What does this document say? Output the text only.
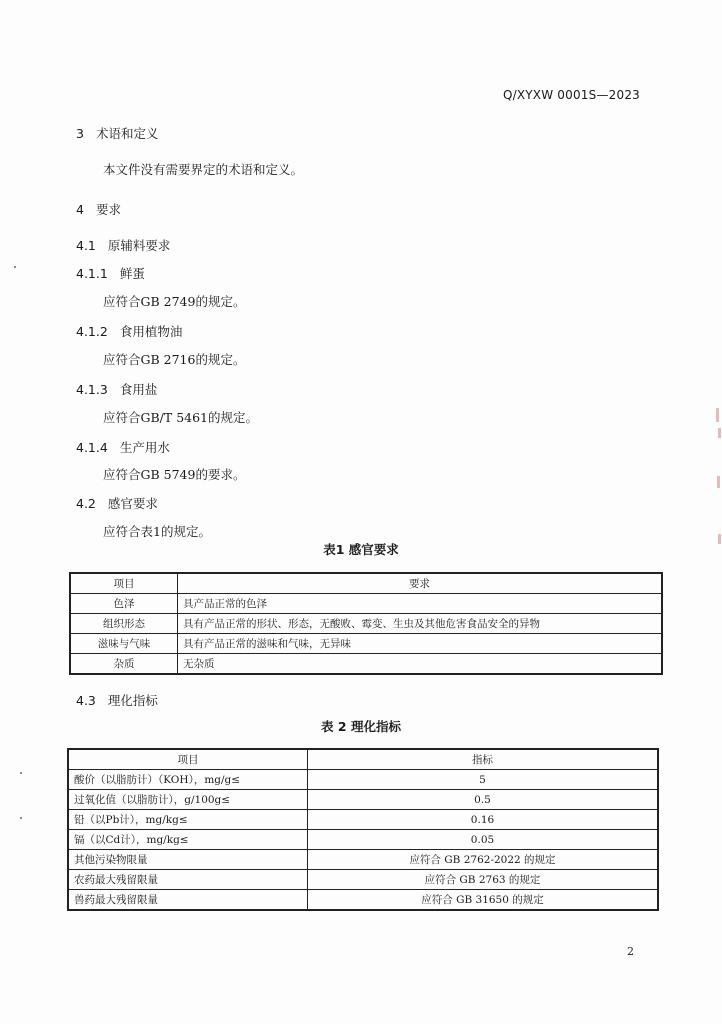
Q/XYXW 0001S—2023
3 术语和定义
本文件没有需要界定的术语和定义。
4 要求
4.1 原辅料要求
4.1.1 鲜蛋
应符合GB 2749的规定。
4.1.2 食用植物油
应符合GB 2716的规定。
4.1.3 食用盐
应符合GB/T 5461的规定。
4.1.4 生产用水
应符合GB 5749的要求。
4.2 感官要求
应符合表1的规定。
表1 感官要求
项目	要求
色泽	具产品正常的色泽
组织形态	具有产品正常的形状、形态，无酸败、霉变、生虫及其他危害食品安全的异物
滋味与气味	具有产品正常的滋味和气味，无异味
杂质	无杂质
4.3 理化指标
表 2 理化指标
项目	指标
酸价（以脂肪计）（KOH），mg/g≤	5
过氧化值（以脂肪计），g/100g≤	0.5
铅（以Pb计），mg/kg≤	0.16
镉（以Cd计），mg/kg≤	0.05
其他污染物限量	应符合 GB 2762-2022 的规定
农药最大残留限量	应符合 GB 2763 的规定
兽药最大残留限量	应符合 GB 31650 的规定
2
